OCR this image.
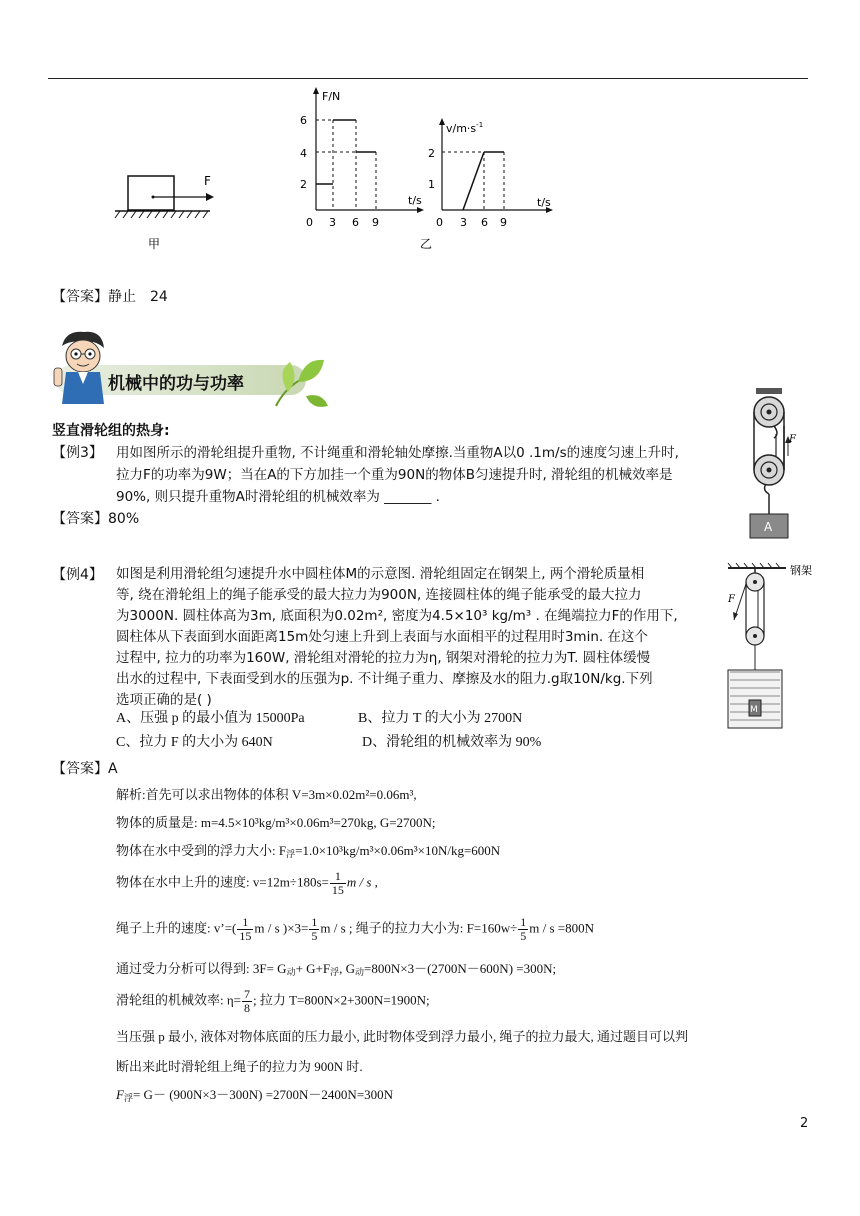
F
甲
F/N
t/s
6
4
2
0 3 6 9
$v/m\cdot s^{-1}$
t/s
2
1
0 3 6 9
乙
【答案】静止　24
机械中的功与功率
竖直滑轮组的热身:
【例3】 用如图所示的滑轮组提升重物, 不计绳重和滑轮轴处摩擦.当重物A以0 .1m/s的速度匀速上升时,
拉力F的功率为9W；当在A的下方加挂一个重为90N的物体B匀速提升时, 滑轮组的机械效率是
90%, 则只提升重物A时滑轮组的机械效率为 _______ .
【答案】80%
F
A
【例4】 如图是利用滑轮组匀速提升水中圆柱体M的示意图. 滑轮组固定在钢架上, 两个滑轮质量相
等, 绕在滑轮组上的绳子能承受的最大拉力为900N, 连接圆柱体的绳子能承受的最大拉力
为3000N. 圆柱体高为3m, 底面积为0.02m², 密度为4.5×10³ kg/m³ . 在绳端拉力F的作用下,
圆柱体从下表面到水面距离15m处匀速上升到上表面与水面相平的过程用时3min. 在这个
过程中, 拉力的功率为160W, 滑轮组对滑轮的拉力为η, 钢架对滑轮的拉力为T. 圆柱体缓慢
出水的过程中, 下表面受到水的压强为p. 不计绳子重力、摩擦及水的阻力.g取10N/kg.下列
选项正确的是( )
A、压强 p 的最小值为 15000Pa	B、拉力 T 的大小为 2700N
C、拉力 F 的大小为 640N	D、滑轮组的机械效率为 90%
钢架
F
M
【答案】A
解析:首先可以求出物体的体积 V=3m×0.02m²=0.06m³,
物体的质量是: m=4.5×10³kg/m³×0.06m³=270kg, G=2700N;
物体在水中受到的浮力大小: $F_浮=1.0\times 10^3kg/m^3\times 0.06m^3\times 10N/kg=600N$
物体在水中上升的速度: $v=12m\div 180s= \frac{1}{15}$ m / s ,
绳子上升的速度: v’=( $\frac{1}{15}$ m / s )$\times 3= \frac{1}{5}$ m / s ; 绳子的拉力大小为: $F=160w\div \frac{1}{5}$ m / s =800N
通过受力分析可以得到: $3F= G_动+ G+F_浮$, $G_动=800N\times 3-(2700N-600N) =300N$;
滑轮组的机械效率: $\eta= \frac{7}{8}$ ; 拉力 T=800N×2+300N=1900N;
当压强 p 最小, 液体对物体底面的压力最小, 此时物体受到浮力最小, 绳子的拉力最大, 通过题目可以判
断出来此时滑轮组上绳子的拉力为 900N 时.
$F_浮= G- (900N\times 3-300N) =2700N-2400N=300N$
2
